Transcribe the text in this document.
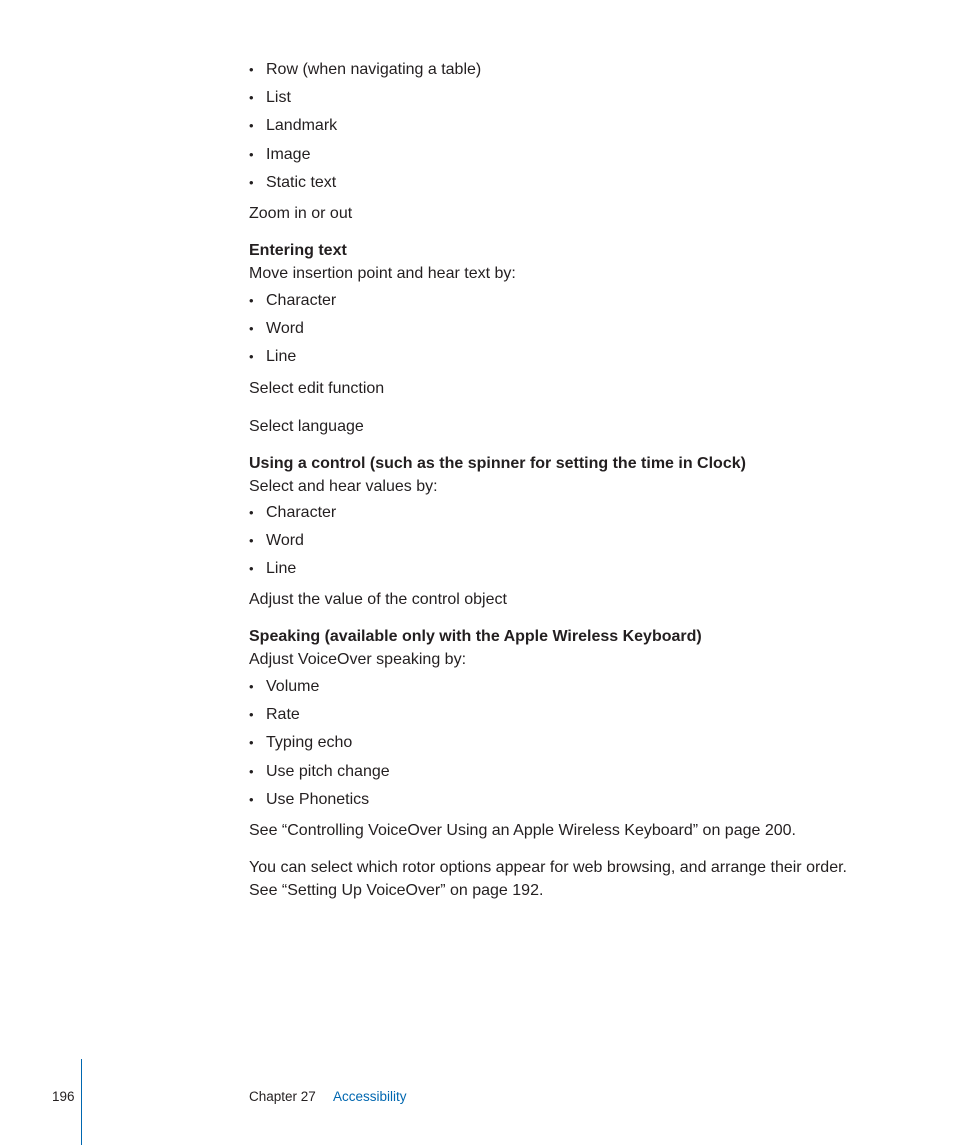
• Row (when navigating a table)
• List
• Landmark
• Image
• Static text

Zoom in or out

Entering text

Move insertion point and hear text by:

• Character
• Word
• Line

Select edit function

Select language

Using a control (such as the spinner for setting the time in Clock)

Select and hear values by:

• Character
• Word
• Line

Adjust the value of the control object

Speaking (available only with the Apple Wireless Keyboard)

Adjust VoiceOver speaking by:

• Volume
• Rate
• Typing echo
• Use pitch change
• Use Phonetics

See “Controlling VoiceOver Using an Apple Wireless Keyboard” on page 200.

You can select which rotor options appear for web browsing, and arrange their order.

See “Setting Up VoiceOver” on page 192.

196	Chapter 27 Accessibility
